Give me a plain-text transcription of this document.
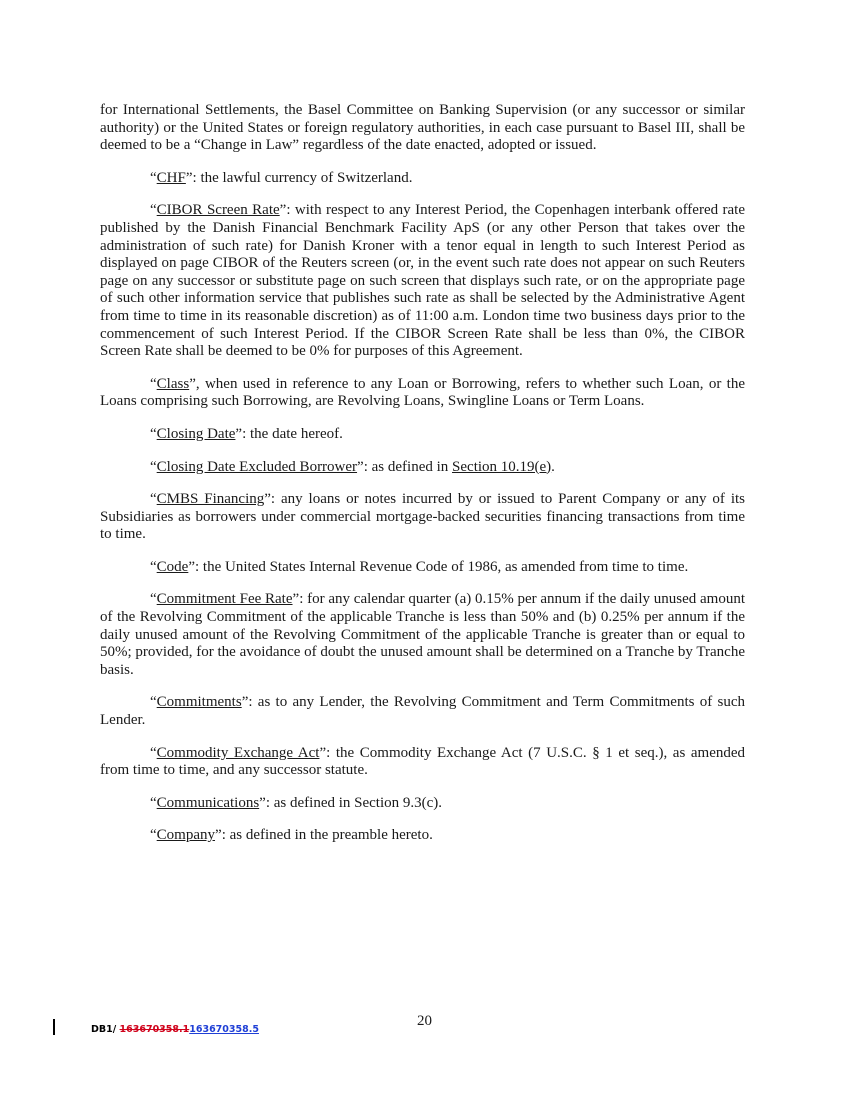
for International Settlements, the Basel Committee on Banking Supervision (or any successor or similar authority) or the United States or foreign regulatory authorities, in each case pursuant to Basel III, shall be deemed to be a “Change in Law” regardless of the date enacted, adopted or issued.

“CHF”: the lawful currency of Switzerland.

“CIBOR Screen Rate”: with respect to any Interest Period, the Copenhagen interbank offered rate published by the Danish Financial Benchmark Facility ApS (or any other Person that takes over the administration of such rate) for Danish Kroner with a tenor equal in length to such Interest Period as displayed on page CIBOR of the Reuters screen (or, in the event such rate does not appear on such Reuters page on any successor or substitute page on such screen that displays such rate, or on the appropriate page of such other information service that publishes such rate as shall be selected by the Administrative Agent from time to time in its reasonable discretion) as of 11:00 a.m. London time two business days prior to the commencement of such Interest Period. If the CIBOR Screen Rate shall be less than 0%, the CIBOR Screen Rate shall be deemed to be 0% for purposes of this Agreement.

“Class”, when used in reference to any Loan or Borrowing, refers to whether such Loan, or the Loans comprising such Borrowing, are Revolving Loans, Swingline Loans or Term Loans.

“Closing Date”: the date hereof.

“Closing Date Excluded Borrower”: as defined in Section 10.19(e).

“CMBS Financing”: any loans or notes incurred by or issued to Parent Company or any of its Subsidiaries as borrowers under commercial mortgage-backed securities financing transactions from time to time.

“Code”: the United States Internal Revenue Code of 1986, as amended from time to time.

“Commitment Fee Rate”: for any calendar quarter (a) 0.15% per annum if the daily unused amount of the Revolving Commitment of the applicable Tranche is less than 50% and (b) 0.25% per annum if the daily unused amount of the Revolving Commitment of the applicable Tranche is greater than or equal to 50%; provided, for the avoidance of doubt the unused amount shall be determined on a Tranche by Tranche basis.

“Commitments”: as to any Lender, the Revolving Commitment and Term Commitments of such Lender.

“Commodity Exchange Act”: the Commodity Exchange Act (7 U.S.C. § 1 et seq.), as amended from time to time, and any successor statute.

“Communications”: as defined in Section 9.3(c).

“Company”: as defined in the preamble hereto.

20
DB1/ 163670358.1163670358.5
